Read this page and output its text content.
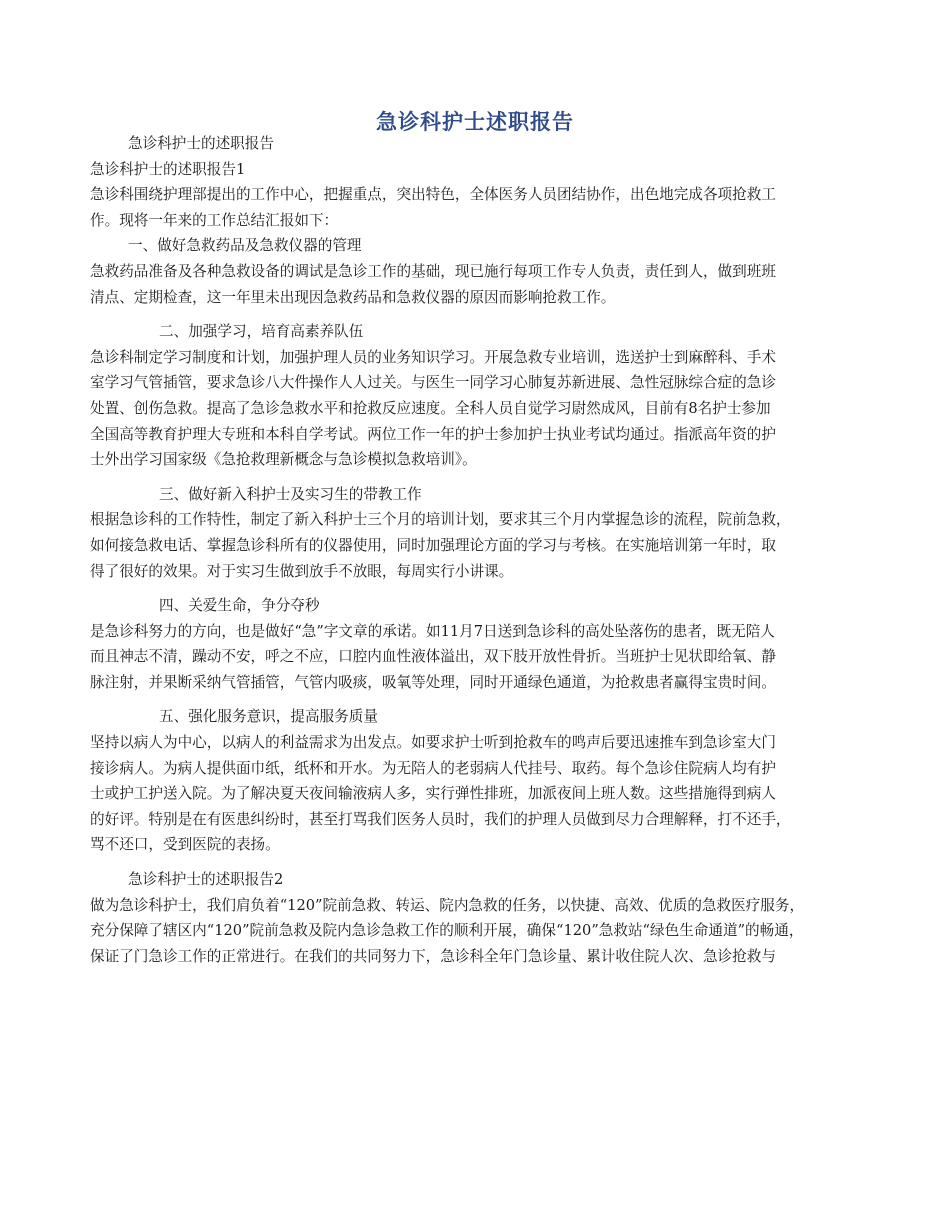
急诊科护士述职报告
急诊科护士的述职报告
急诊科护士的述职报告1
急诊科围绕护理部提出的工作中心，把握重点，突出特色，全体医务人员团结协作，出色地完成各项抢救工
作。现将一年来的工作总结汇报如下：
一、做好急救药品及急救仪器的管理
急救药品准备及各种急救设备的调试是急诊工作的基础，现已施行每项工作专人负责，责任到人，做到班班
清点、定期检查，这一年里未出现因急救药品和急救仪器的原因而影响抢救工作。
二、加强学习，培育高素养队伍
急诊科制定学习制度和计划，加强护理人员的业务知识学习。开展急救专业培训，选送护士到麻醉科、手术
室学习气管插管，要求急诊八大件操作人人过关。与医生一同学习心肺复苏新进展、急性冠脉综合症的急诊
处置、创伤急救。提高了急诊急救水平和抢救反应速度。全科人员自觉学习尉然成风，目前有8名护士参加
全国高等教育护理大专班和本科自学考试。两位工作一年的护士参加护士执业考试均通过。指派高年资的护
士外出学习国家级《急抢救理新概念与急诊模拟急救培训》。
三、做好新入科护士及实习生的带教工作
根据急诊科的工作特性，制定了新入科护士三个月的培训计划，要求其三个月内掌握急诊的流程，院前急救，
如何接急救电话、掌握急诊科所有的仪器使用，同时加强理论方面的学习与考核。在实施培训第一年时，取
得了很好的效果。对于实习生做到放手不放眼，每周实行小讲课。
四、关爱生命，争分夺秒
是急诊科努力的方向，也是做好“急”字文章的承诺。如11月7日送到急诊科的高处坠落伤的患者，既无陪人
而且神志不清，躁动不安，呼之不应，口腔内血性液体溢出，双下肢开放性骨折。当班护士见状即给氧、静
脉注射，并果断采纳气管插管，气管内吸痰，吸氧等处理，同时开通绿色通道，为抢救患者赢得宝贵时间。
五、强化服务意识，提高服务质量
坚持以病人为中心，以病人的利益需求为出发点。如要求护士听到抢救车的鸣声后要迅速推车到急诊室大门
接诊病人。为病人提供面巾纸，纸杯和开水。为无陪人的老弱病人代挂号、取药。每个急诊住院病人均有护
士或护工护送入院。为了解决夏天夜间输液病人多，实行弹性排班，加派夜间上班人数。这些措施得到病人
的好评。特别是在有医患纠纷时，甚至打骂我们医务人员时，我们的护理人员做到尽力合理解释，打不还手，
骂不还口，受到医院的表扬。
急诊科护士的述职报告2
做为急诊科护士，我们肩负着“120”院前急救、转运、院内急救的任务，以快捷、高效、优质的急救医疗服务，
充分保障了辖区内“120”院前急救及院内急诊急救工作的顺利开展，确保“120”急救站“绿色生命通道”的畅通，
保证了门急诊工作的正常进行。在我们的共同努力下，急诊科全年门急诊量、累计收住院人次、急诊抢救与
